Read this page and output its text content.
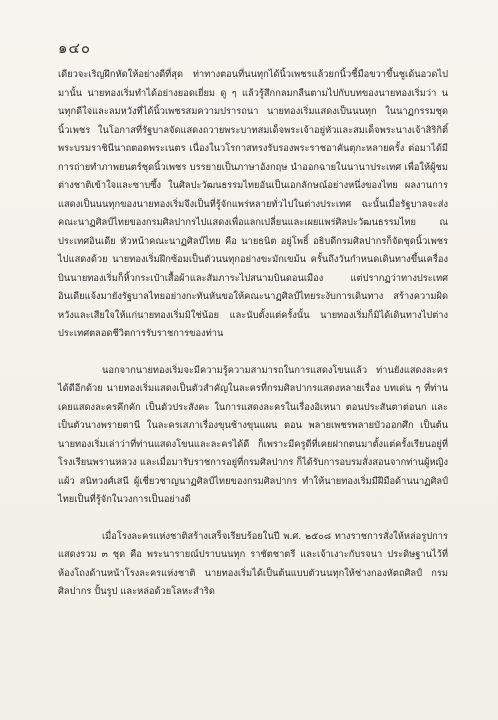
๑๔๐

เดียวจะเริญฝึกหัดให้อย่างดีที่สุด ท่าทางตอนที่นนทุกได้นิ้วเพชรแล้วยกนิ้วชี้มือขวาขึ้นชูเด้นอวดไปมานั้น นายทองเริ่มทำได้อย่างยอดเยี่ยม ดู ๆ แล้วรู้สึกกลมกลืนตามไปกับบทของนายทองเริ่มว่า นนทุกดีใจและลมหวังที่ได้นิ้วเพชรสมความปรารถนา นายทองเริ่มแสดงเป็นนนทุก ในนาฏกรรมชุดนิ้วเพชร ในโอกาสที่รัฐบาลจัดแสดงถวายพระบาทสมเด็จพระเจ้าอยู่หัวและสมเด็จพระนางเจ้าสิริกิติ์ พระบรมราชินีนาถตอดพระเนตร เนื่องในวโรกาสทรงรับรองพระราชอาคันตุกะหลายครั้ง ต่อมาได้มีการถ่ายทำภาพยนตร์ชุดนิ้วเพชร บรรยายเป็นภาษาอังกฤษ นำออกฉายในนานาประเทศ เพื่อให้ผู้ชมต่างชาติเข้าใจและซาบซึ้ง ในศิลปะวัฒนธรรมไทยอันเป็นเอกลักษณ์อย่างหนึ่งของไทย ผลงานการแสดงเป็นนนทุกของนายทองเริ่มจึงเป็นที่รู้จักแพร่หลายทั่วไปในต่างประเทศ ฉะนั้นเมื่อรัฐบาลจะส่งคณะนาฏศิลป์ไทยของกรมศิลปากรไปแสดงเพื่อแลกเปลี่ยนและเผยแพร่ศิลปะวัฒนธรรมไทย ณ ประเทศอินเดีย หัวหน้าคณะนาฏศิลป์ไทย คือ นายธนิต อยู่โพธิ์ อธิบดีกรมศิลปากรก็จัดชุดนิ้วเพชรไปแสดงด้วย นายทองเริ่มฝึกซ้อมเป็นตัวนนทุกอย่างขะมักเขม้น ครั้นถึงวันกำหนดเดินทางขึ้นเครื่องบินนายทองเริ่มก็หิ้วกระเป๋าเสื้อผ้าและสัมภาระไปสนามบินดอนเมือง แต่ปรากฏว่าทางประเทศอินเดียแจ้งมายังรัฐบาลไทยอย่างกะทันหันขอให้คณะนาฏศิลป์ไทยระงับการเดินทาง สร้างความผิดหวังและเสียใจให้แก่นายทองเริ่มมิใช่น้อย และนับตั้งแต่ครั้งนั้น นายทองเริ่มก็มิได้เดินทางไปต่างประเทศตลอดชีวิตการรับราชการของท่าน

นอกจากนายทองเริ่มจะมีความรู้ความสามารถในการแสดงโขนแล้ว ท่านยังแสดงละครได้ดีอีกด้วย นายทองเริ่มแสดงเป็นตัวสำคัญในละครที่กรมศิลปากรแสดงหลายเรื่อง บทเด่น ๆ ที่ท่านเคยแสดงละครคึกคัก เป็นตัวประสังคะ ในการแสดงละครในเรื่องอิเหนา ตอนประสันตาต่อนก และเป็นตัวนางพรายตานี ในละครเสภาเรื่องขุนช้างขุนแผน ตอน พลายเพชรพลายบัวออกศึก เป็นต้น นายทองเริ่มเล่าว่าที่ท่านแสดงโขนและละครได้ดี ก็เพราะมีครูดีที่เคยฝากตนมาตั้งแต่ครั้งเรียนอยู่ที่โรงเรียนพรานหลวง และเมื่อมารับราชการอยู่ที่กรมศิลปากร ก็ได้รับการอบรมสั่งสอนจากท่านผู้หญิงแผ้ว สนิทวงศ์เสนี ผู้เชี่ยวชาญนาฏศิลป์ไทยของกรมศิลปากร ทำให้นายทองเริ่มมีฝีมือด้านนาฏศิลป์ไทยเป็นที่รู้จักในวงการเป็นอย่างดี

เมื่อโรงละครแห่งชาติสร้างเสร็จเรียบร้อยในปี พ.ศ. ๒๕๐๘ ทางราชการสั่งให้หล่อรูปการแสดงรวม ๓ ชุด คือ พระนารายณ์ปราบนนทุก ราชัตชาตรี และเจ้าเงาะกับรจนา ประดิษฐานไว้ที่ห้องโถงด้านหน้าโรงละครแห่งชาติ นายทองเริ่มได้เป็นต้นแบบตัวนนทุกให้ช่างกองหัตถศิลป์ กรมศิลปากร ปั้นรูป และหล่อด้วยโลหะสำริด
